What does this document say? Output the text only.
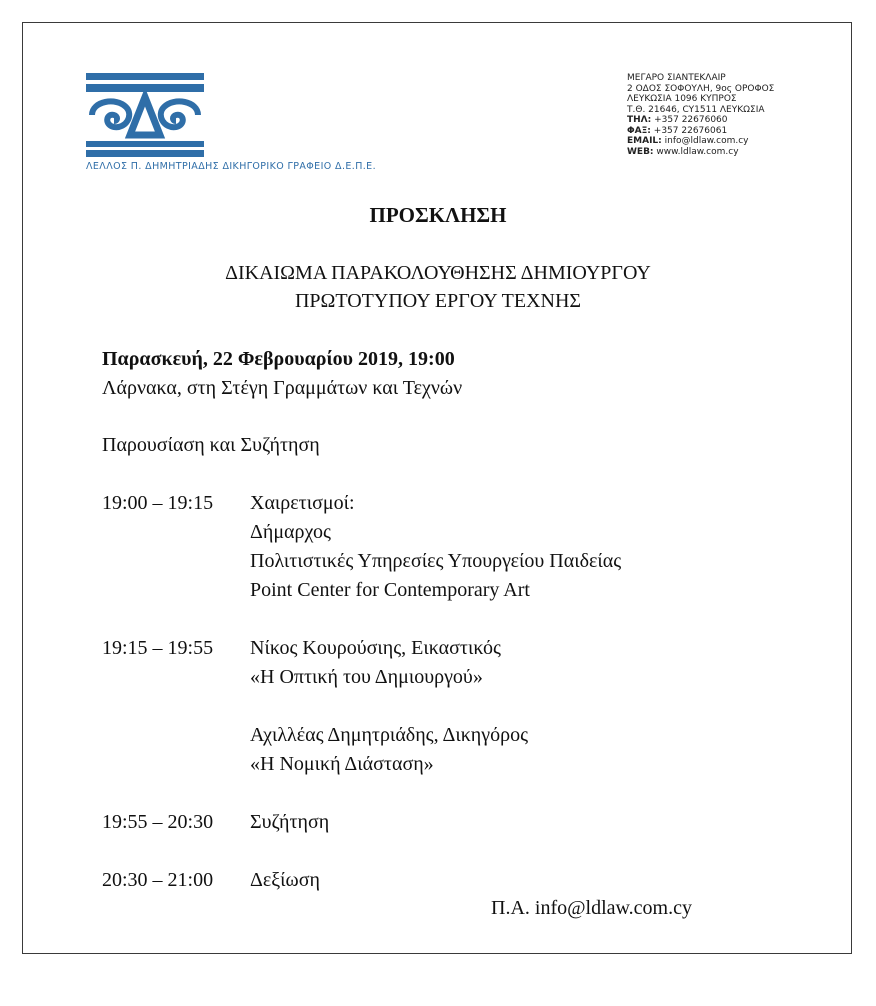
ΛΕΛΛΟΣ Π. ΔΗΜΗΤΡΙΑΔΗΣ ΔΙΚΗΓΟΡΙΚΟ ΓΡΑΦΕΙΟ Δ.Ε.Π.Ε.
ΜΕΓΑΡΟ ΣΙΑΝΤΕΚΛΑΙΡ
2 ΟΔΟΣ ΣΟΦΟΥΛΗ, 9ος ΟΡΟΦΟΣ
ΛΕΥΚΩΣΙΑ 1096 ΚΥΠΡΟΣ
Τ.Θ. 21646, CY1511 ΛΕΥΚΩΣΙΑ
ΤΗΛ: +357 22676060
ΦΑΞ: +357 22676061
EMAIL: info@ldlaw.com.cy
WEB: www.ldlaw.com.cy
ΠΡΟΣΚΛΗΣΗ
ΔΙΚΑΙΩΜΑ ΠΑΡΑΚΟΛΟΥΘΗΣΗΣ ΔΗΜΙΟΥΡΓΟΥ
ΠΡΩΤΟΤΥΠΟΥ ΕΡΓΟΥ ΤΕΧΝΗΣ
Παρασκευή, 22 Φεβρουαρίου 2019, 19:00
Λάρνακα, στη Στέγη Γραμμάτων και Τεχνών
Παρουσίαση και Συζήτηση
19:00 – 19:15 Χαιρετισμοί:
Δήμαρχος
Πολιτιστικές Υπηρεσίες Υπουργείου Παιδείας
Point Center for Contemporary Art
19:15 – 19:55 Νίκος Κουρούσιης, Εικαστικός
«Η Οπτική του Δημιουργού»
Αχιλλέας Δημητριάδης, Δικηγόρος
«Η Νομική Διάσταση»
19:55 – 20:30 Συζήτηση
20:30 – 21:00 Δεξίωση
Π.Α. info@ldlaw.com.cy
